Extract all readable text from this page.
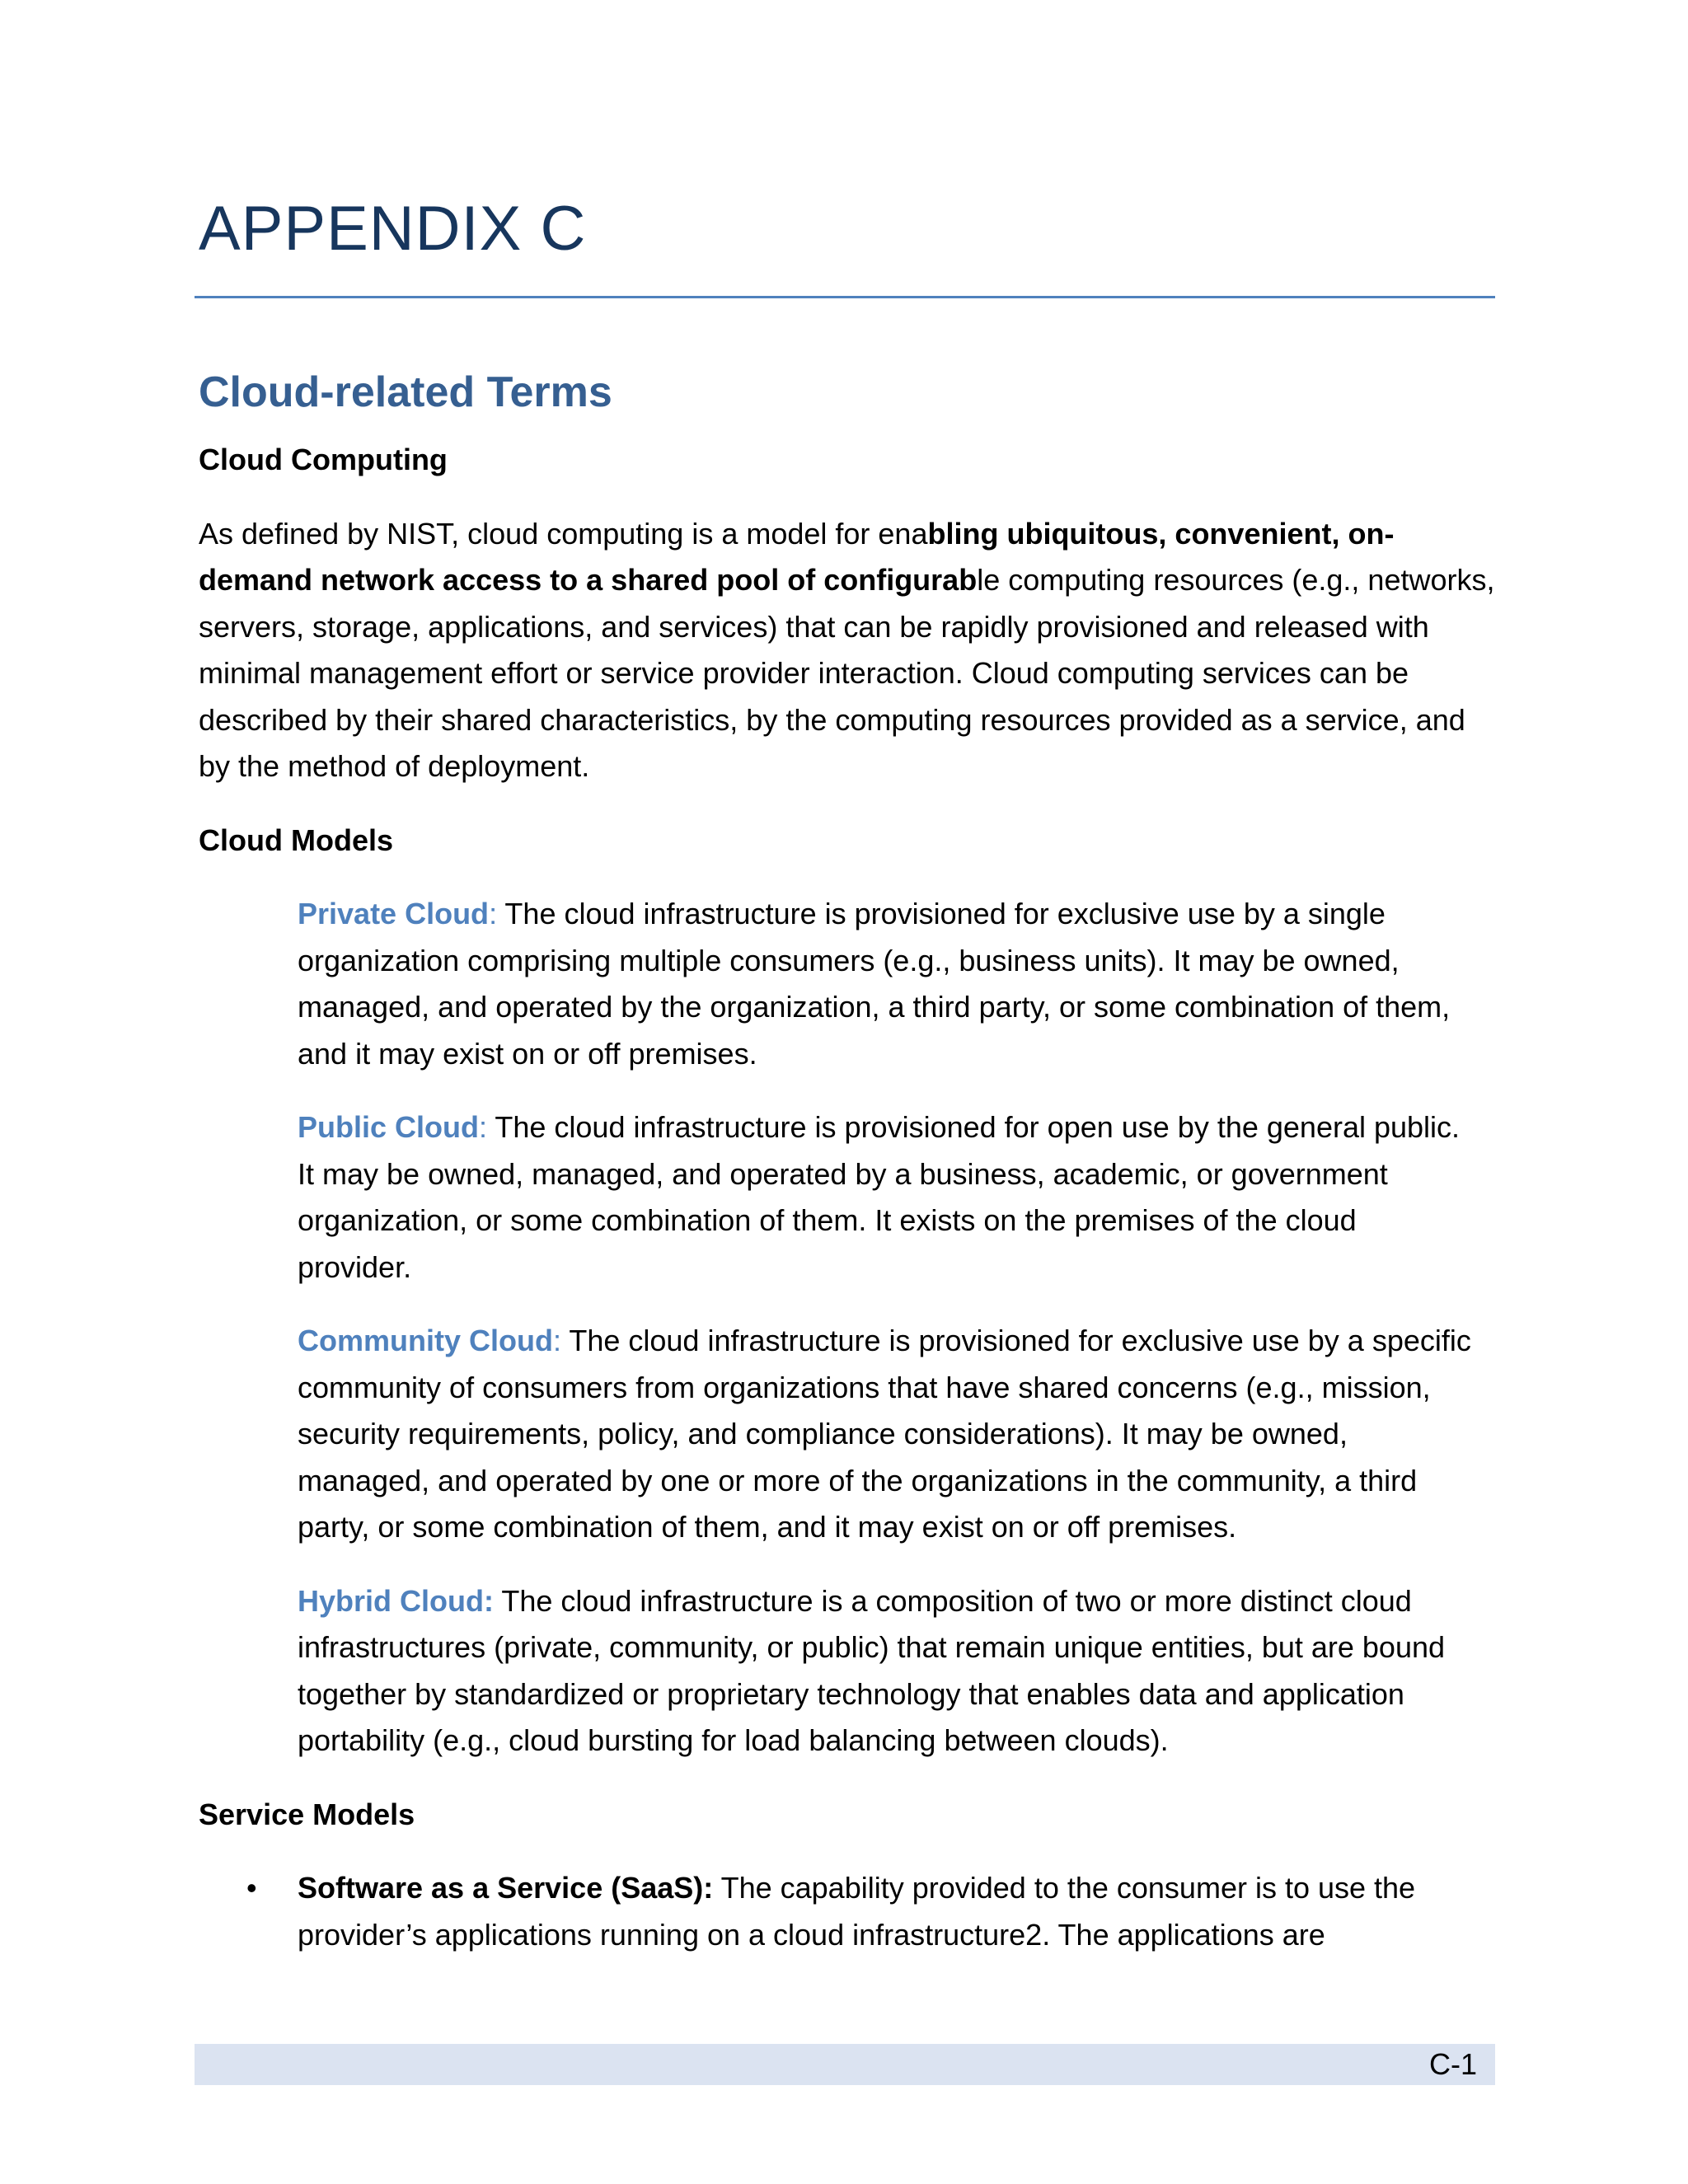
APPENDIX C
Cloud-related Terms

Cloud Computing

As defined by NIST, cloud computing is a model for enabling ubiquitous, convenient, on-demand network access to a shared pool of configurable computing resources (e.g., networks, servers, storage, applications, and services) that can be rapidly provisioned and released with minimal management effort or service provider interaction. Cloud computing services can be described by their shared characteristics, by the computing resources provided as a service, and by the method of deployment.

Cloud Models

Private Cloud: The cloud infrastructure is provisioned for exclusive use by a single organization comprising multiple consumers (e.g., business units). It may be owned, managed, and operated by the organization, a third party, or some combination of them, and it may exist on or off premises.

Public Cloud: The cloud infrastructure is provisioned for open use by the general public. It may be owned, managed, and operated by a business, academic, or government organization, or some combination of them. It exists on the premises of the cloud provider.

Community Cloud: The cloud infrastructure is provisioned for exclusive use by a specific community of consumers from organizations that have shared concerns (e.g., mission, security requirements, policy, and compliance considerations). It may be owned, managed, and operated by one or more of the organizations in the community, a third party, or some combination of them, and it may exist on or off premises.

Hybrid Cloud: The cloud infrastructure is a composition of two or more distinct cloud infrastructures (private, community, or public) that remain unique entities, but are bound together by standardized or proprietary technology that enables data and application portability (e.g., cloud bursting for load balancing between clouds).

Service Models

• Software as a Service (SaaS): The capability provided to the consumer is to use the provider’s applications running on a cloud infrastructure2. The applications are

C-1
